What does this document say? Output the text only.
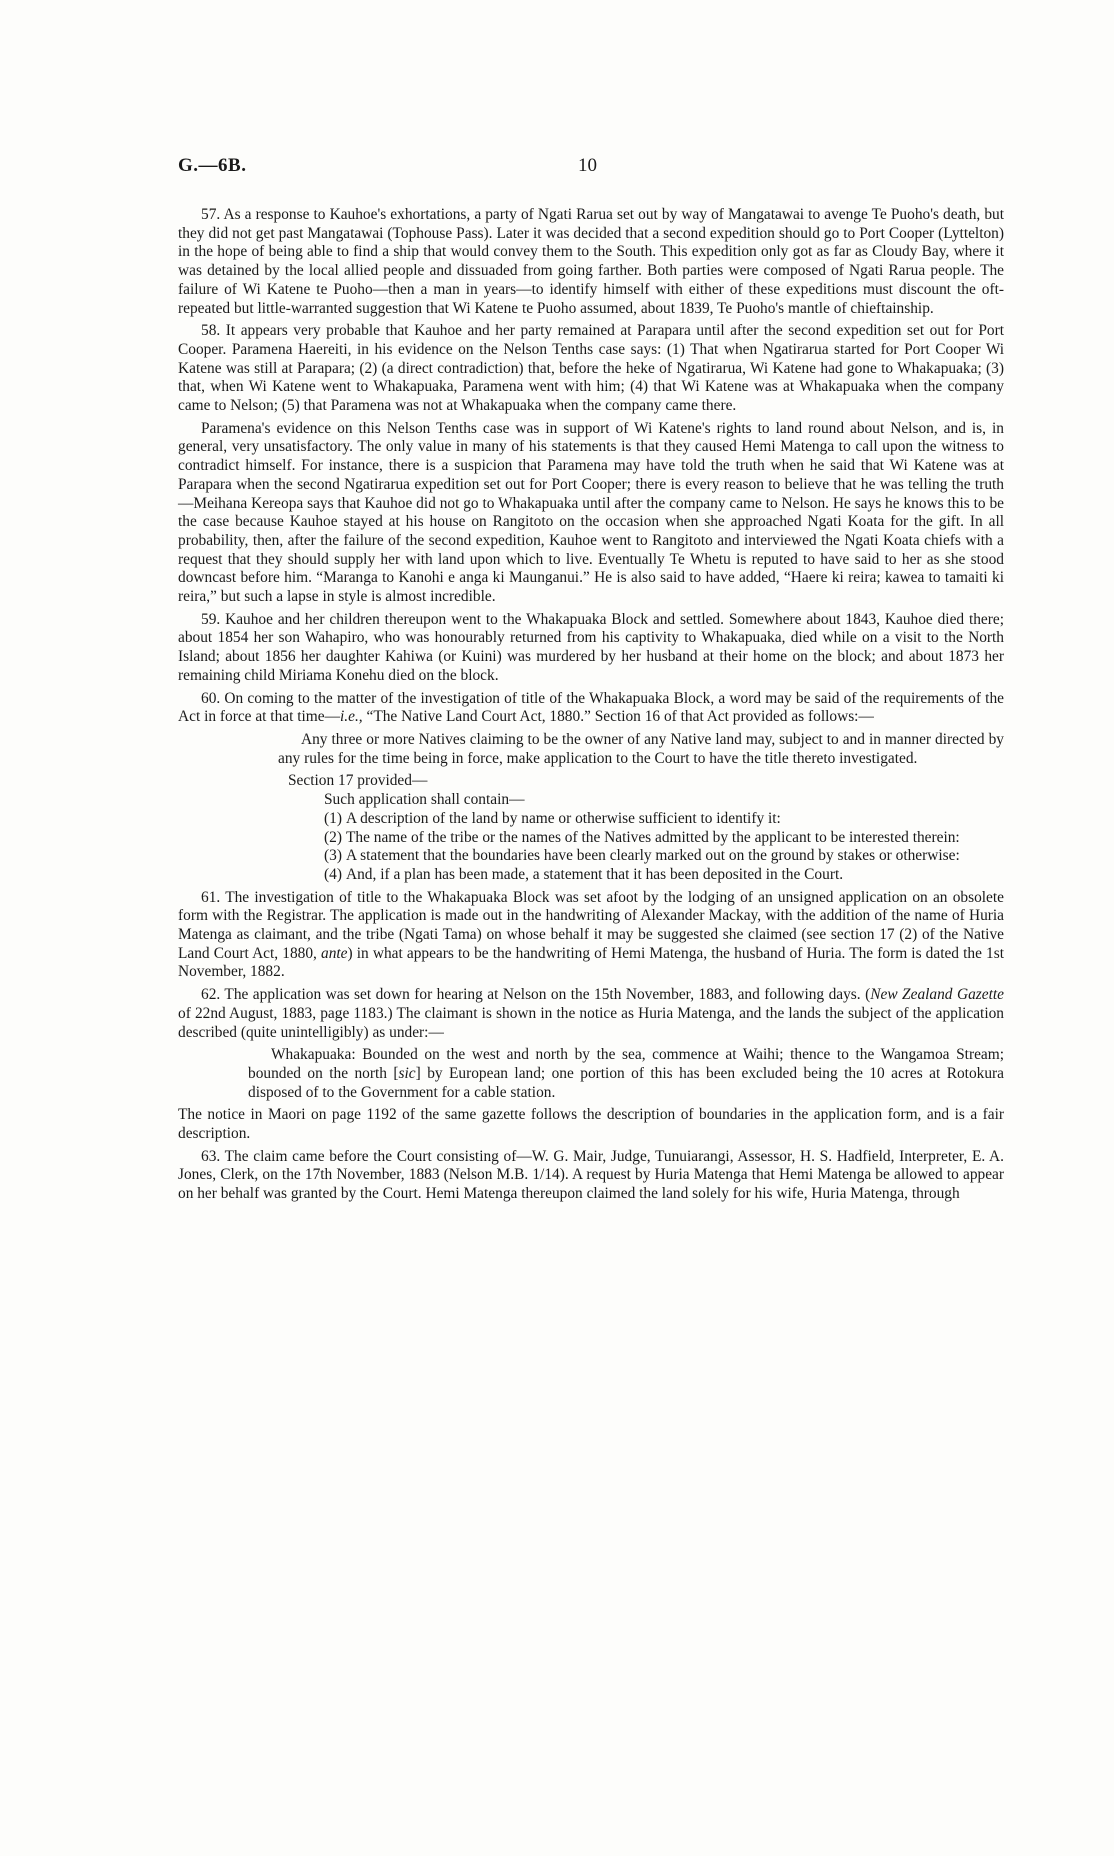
G.—6B.	10

57. As a response to Kauhoe's exhortations, a party of Ngati Rarua set out by way of Mangatawai to avenge Te Puoho's death, but they did not get past Mangatawai (Tophouse Pass). Later it was decided that a second expedition should go to Port Cooper (Lyttelton) in the hope of being able to find a ship that would convey them to the South. This expedition only got as far as Cloudy Bay, where it was detained by the local allied people and dissuaded from going farther. Both parties were composed of Ngati Rarua people. The failure of Wi Katene te Puoho—then a man in years—to identify himself with either of these expeditions must discount the oft-repeated but little-warranted suggestion that Wi Katene te Puoho assumed, about 1839, Te Puoho's mantle of chieftainship.

58. It appears very probable that Kauhoe and her party remained at Parapara until after the second expedition set out for Port Cooper. Paramena Haereiti, in his evidence on the Nelson Tenths case says: (1) That when Ngatirarua started for Port Cooper Wi Katene was still at Parapara; (2) (a direct contradiction) that, before the heke of Ngatirarua, Wi Katene had gone to Whakapuaka; (3) that, when Wi Katene went to Whakapuaka, Paramena went with him; (4) that Wi Katene was at Whakapuaka when the company came to Nelson; (5) that Paramena was not at Whakapuaka when the company came there.

Paramena's evidence on this Nelson Tenths case was in support of Wi Katene's rights to land round about Nelson, and is, in general, very unsatisfactory. The only value in many of his statements is that they caused Hemi Matenga to call upon the witness to contradict himself. For instance, there is a suspicion that Paramena may have told the truth when he said that Wi Katene was at Parapara when the second Ngatirarua expedition set out for Port Cooper; there is every reason to believe that he was telling the truth—Meihana Kereopa says that Kauhoe did not go to Whakapuaka until after the company came to Nelson. He says he knows this to be the case because Kauhoe stayed at his house on Rangitoto on the occasion when she approached Ngati Koata for the gift. In all probability, then, after the failure of the second expedition, Kauhoe went to Rangitoto and interviewed the Ngati Koata chiefs with a request that they should supply her with land upon which to live. Eventually Te Whetu is reputed to have said to her as she stood downcast before him. “Maranga to Kanohi e anga ki Maunganui.” He is also said to have added, “Haere ki reira; kawea to tamaiti ki reira,” but such a lapse in style is almost incredible.

59. Kauhoe and her children thereupon went to the Whakapuaka Block and settled. Somewhere about 1843, Kauhoe died there; about 1854 her son Wahapiro, who was honourably returned from his captivity to Whakapuaka, died while on a visit to the North Island; about 1856 her daughter Kahiwa (or Kuini) was murdered by her husband at their home on the block; and about 1873 her remaining child Miriama Konehu died on the block.

60. On coming to the matter of the investigation of title of the Whakapuaka Block, a word may be said of the requirements of the Act in force at that time—i.e., “The Native Land Court Act, 1880.” Section 16 of that Act provided as follows:—

Any three or more Natives claiming to be the owner of any Native land may, subject to and in manner directed by any rules for the time being in force, make application to the Court to have the title thereto investigated.

Section 17 provided—
Such application shall contain—
(1) A description of the land by name or otherwise sufficient to identify it:
(2) The name of the tribe or the names of the Natives admitted by the applicant to be interested therein:
(3) A statement that the boundaries have been clearly marked out on the ground by stakes or otherwise:
(4) And, if a plan has been made, a statement that it has been deposited in the Court.

61. The investigation of title to the Whakapuaka Block was set afoot by the lodging of an unsigned application on an obsolete form with the Registrar. The application is made out in the handwriting of Alexander Mackay, with the addition of the name of Huria Matenga as claimant, and the tribe (Ngati Tama) on whose behalf it may be suggested she claimed (see section 17 (2) of the Native Land Court Act, 1880, ante) in what appears to be the handwriting of Hemi Matenga, the husband of Huria. The form is dated the 1st November, 1882.

62. The application was set down for hearing at Nelson on the 15th November, 1883, and following days. (New Zealand Gazette of 22nd August, 1883, page 1183.) The claimant is shown in the notice as Huria Matenga, and the lands the subject of the application described (quite unintelligibly) as under:—

Whakapuaka: Bounded on the west and north by the sea, commence at Waihi; thence to the Wangamoa Stream; bounded on the north [sic] by European land; one portion of this has been excluded being the 10 acres at Rotokura disposed of to the Government for a cable station.

The notice in Maori on page 1192 of the same gazette follows the description of boundaries in the application form, and is a fair description.

63. The claim came before the Court consisting of—W. G. Mair, Judge, Tunuiarangi, Assessor, H. S. Hadfield, Interpreter, E. A. Jones, Clerk, on the 17th November, 1883 (Nelson M.B. 1/14). A request by Huria Matenga that Hemi Matenga be allowed to appear on her behalf was granted by the Court. Hemi Matenga thereupon claimed the land solely for his wife, Huria Matenga, through
